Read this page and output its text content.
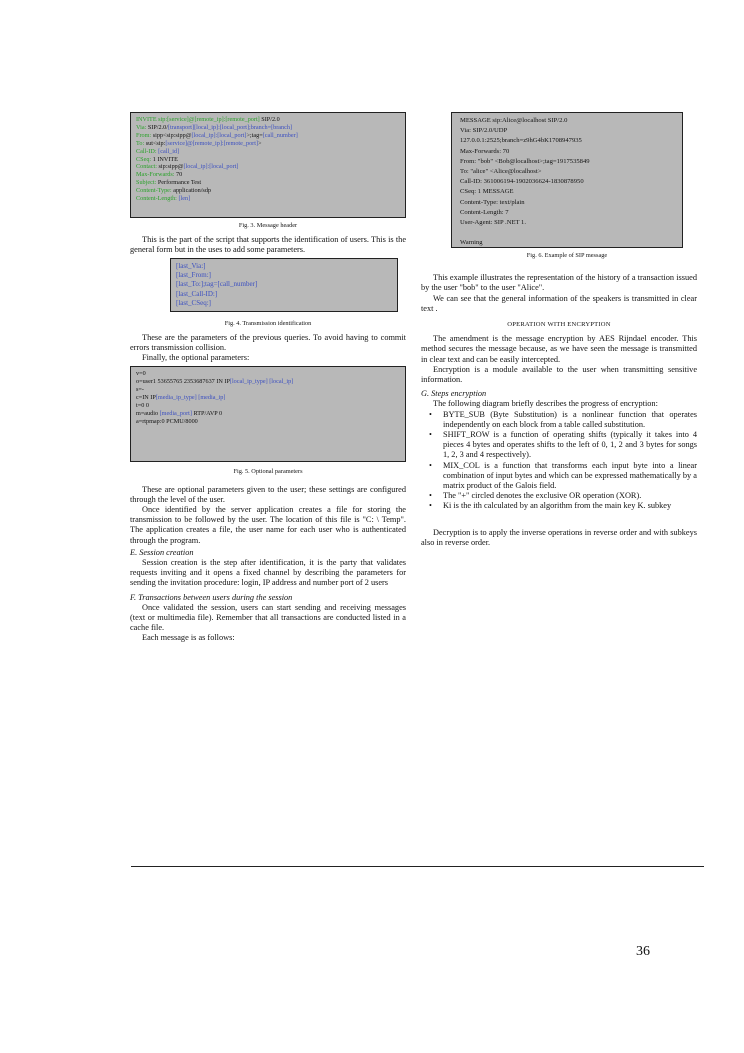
INVITE sip:[service]@[remote_ip]:[remote_port] SIP/2.0
Via: SIP/2.0/[transport][local_ip]:[local_port];branch=[branch]
From: sipp<sip:sipp@[local_ip]:[local_port]>;tag=[call_number]
To: sut<sip:[service]@[remote_ip]:[remote_port]>
Call-ID: [call_id]
CSeq: 1 INVITE
Contact: sip:sipp@[local_ip]:[local_port]
Max-Forwards: 70
Subject: Performance Test
Content-Type: application/sdp
Content-Length: [len]
Fig. 3. Message header

This is the part of the script that supports the identification of users. This is the general form but in the uses to add some parameters.

[last_Via:]
[last_From:]
[last_To:];tag=[call_number]
[last_Call-ID:]
[last_CSeq:]
Fig. 4. Transmission identification

These are the parameters of the previous queries. To avoid having to commit errors transmission collision.

Finally, the optional parameters:

v=0
o=user1 53655765 2353687637 IN IP[local_ip_type] [local_ip]
s=-
c=IN IP[media_ip_type] [media_ip]
t=0 0
m=audio [media_port] RTP/AVP 0
a=rtpmap:0 PCMU/8000
Fig. 5. Optional parameters

These are optional parameters given to the user; these settings are configured through the level of the user.

Once identified by the server application creates a file for storing the transmission to be followed by the user. The location of this file is "C: \ Temp". The application creates a file, the user name for each user who is authenticated through the program.

E. Session creation

Session creation is the step after identification, it is the party that validates requests inviting and it opens a fixed channel by describing the parameters for sending the invitation procedure: login, IP address and number port of 2 users

F. Transactions between users during the session

Once validated the session, users can start sending and receiving messages (text or multimedia file). Remember that all transactions are conducted listed in a cache file.

Each message is as follows:

MESSAGE sip:Alice@localhost SIP/2.0
Via: SIP/2.0/UDP
127.0.0.1:2525;branch=z9hG4bK1708947935
Max-Forwards: 70
From: "bob" <Bob@localhost>;tag=1917535849
To: "alice" <Alice@localhost>
Call-ID: 361006194-1902036624-1830878950
CSeq: 1 MESSAGE
Content-Type: text/plain
Content-Length: 7
User-Agent: SIP .NET 1.

Warning
Fig. 6. Example of SIP message

This example illustrates the representation of the history of a transaction issued by the user "bob" to the user "Alice".

We can see that the general information of the speakers is transmitted in clear text .

OPERATION WITH ENCRYPTION

The amendment is the message encryption by AES Rijndael encoder. This method secures the message because, as we have seen the message is transmitted in clear text and can be easily intercepted.

Encryption is a module available to the user when transmitting sensitive information.

G. Steps encryption

The following diagram briefly describes the progress of encryption:

• BYTE_SUB (Byte Substitution) is a nonlinear function that operates independently on each block from a table called substitution.
• SHIFT_ROW is a function of operating shifts (typically it takes into 4 pieces 4 bytes and operates shifts to the left of 0, 1, 2 and 3 bytes for songs 1, 2, 3 and 4 respectively).
• MIX_COL is a function that transforms each input byte into a linear combination of input bytes and which can be expressed mathematically by a matrix product of the Galois field.
• The "+" circled denotes the exclusive OR operation (XOR).
• Ki is the ith calculated by an algorithm from the main key K. subkey

Decryption is to apply the inverse operations in reverse order and with subkeys also in reverse order.

36
